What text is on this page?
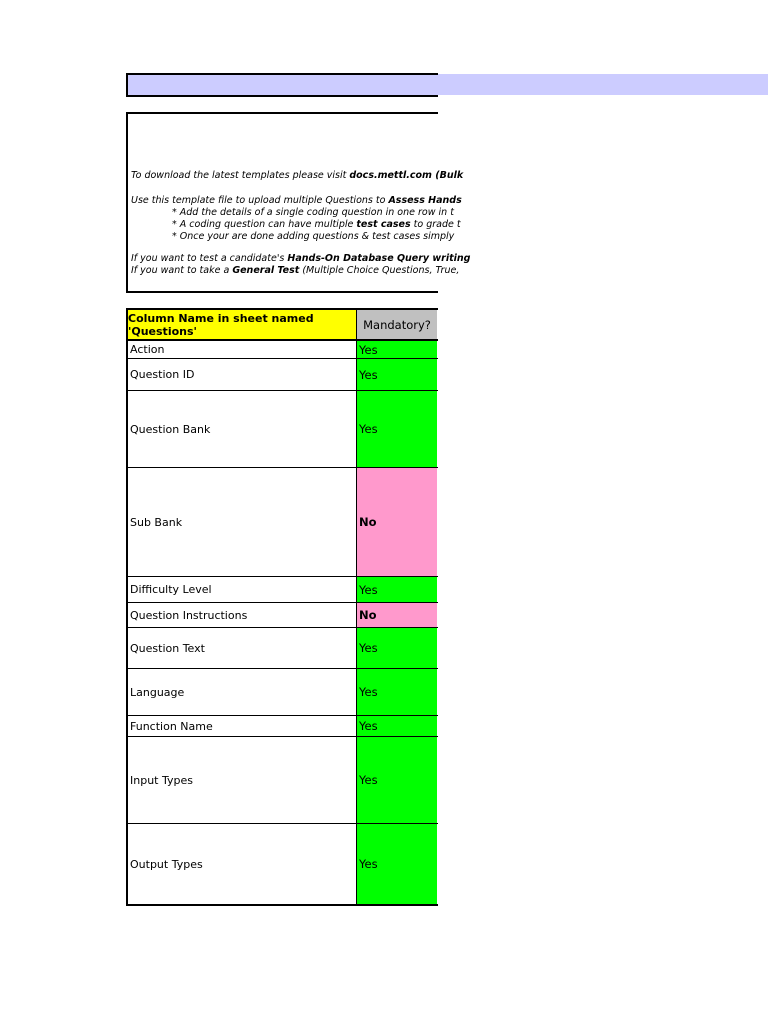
To download the latest templates please visit docs.mettl.com (Bulk
Use this template file to upload multiple Questions to Assess Hands
* Add the details of a single coding question in one row in t
* A coding question can have multiple test cases to grade t
* Once your are done adding questions & test cases simply
If you want to test a candidate's Hands-On Database Query writing
If you want to take a General Test (Multiple Choice Questions, True,
Column Name in sheet named 'Questions'	Mandatory?
Action	Yes
Question ID	Yes
Question Bank	Yes
Sub Bank	No
Difficulty Level	Yes
Question Instructions	No
Question Text	Yes
Language	Yes
Function Name	Yes
Input Types	Yes
Output Types	Yes
